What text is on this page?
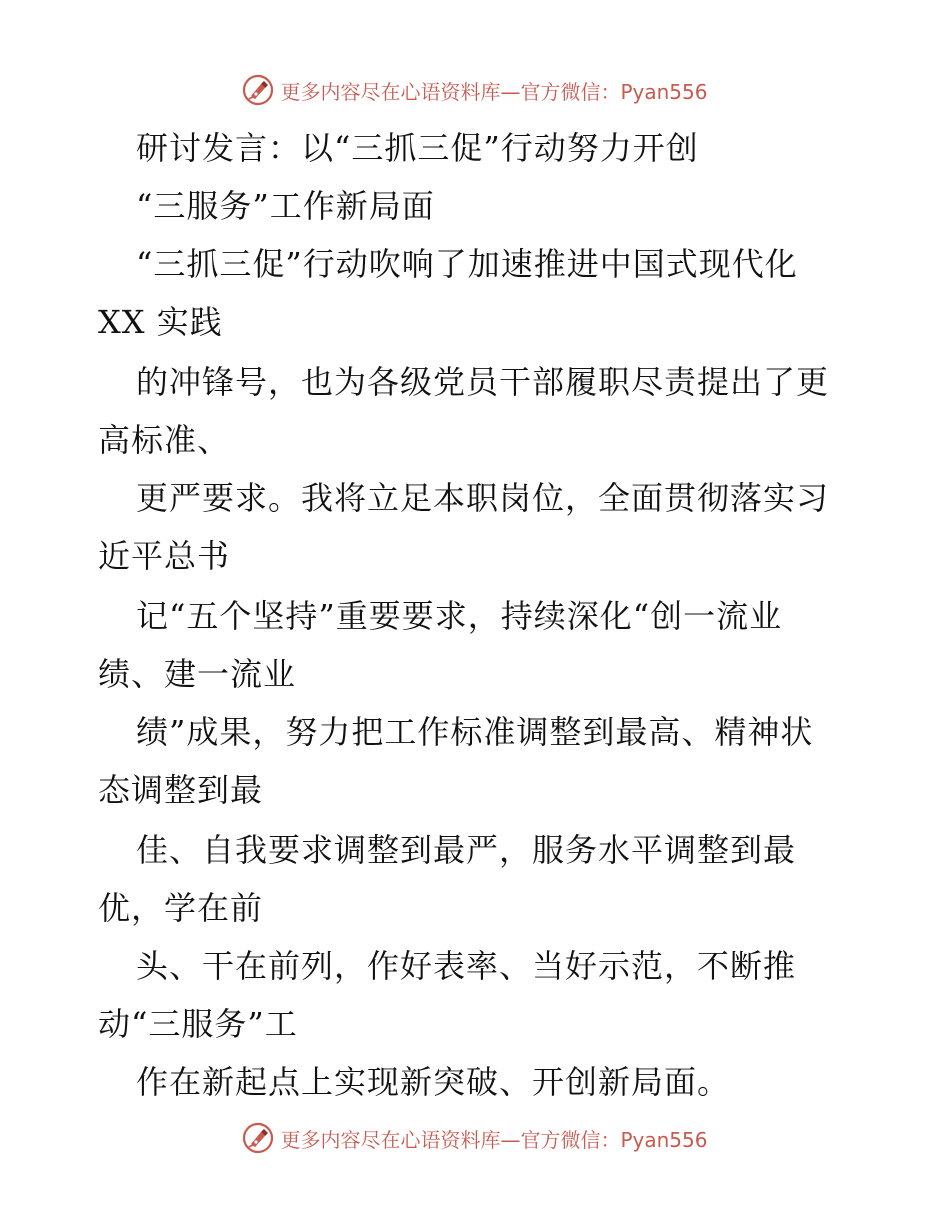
更多内容尽在心语资料库—官方微信：Pyan556
研讨发言：以“三抓三促”行动努力开创
“三服务”工作新局面
“三抓三促”行动吹响了加速推进中国式现代化
XX 实践
的冲锋号，也为各级党员干部履职尽责提出了更
高标准、
更严要求。我将立足本职岗位，全面贯彻落实习
近平总书
记“五个坚持”重要要求，持续深化“创一流业
绩、建一流业
绩”成果，努力把工作标准调整到最高、精神状
态调整到最
佳、自我要求调整到最严，服务水平调整到最
优，学在前
头、干在前列，作好表率、当好示范，不断推
动“三服务”工
作在新起点上实现新突破、开创新局面。
更多内容尽在心语资料库—官方微信：Pyan556
